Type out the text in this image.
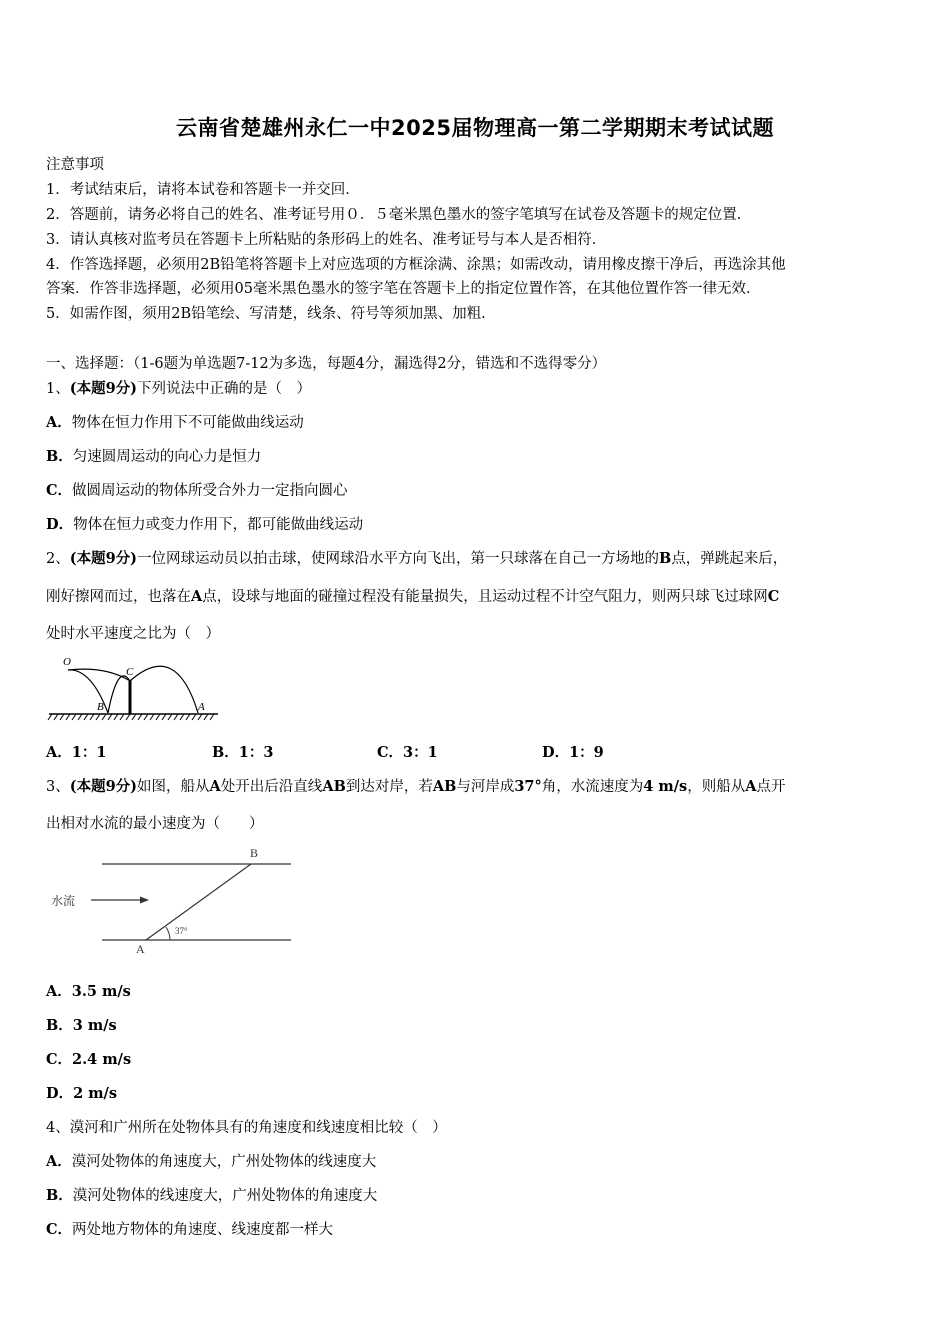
云南省楚雄州永仁一中2025届物理高一第二学期期末考试试题
注意事项
1．考试结束后，请将本试卷和答题卡一并交回．
2．答题前，请务必将自己的姓名、准考证号用０．５毫米黑色墨水的签字笔填写在试卷及答题卡的规定位置．
3．请认真核对监考员在答题卡上所粘贴的条形码上的姓名、准考证号与本人是否相符．
4．作答选择题，必须用2B铅笔将答题卡上对应选项的方框涂满、涂黑；如需改动，请用橡皮擦干净后，再选涂其他
答案．作答非选择题，必须用05毫米黑色墨水的签字笔在答题卡上的指定位置作答，在其他位置作答一律无效．
5．如需作图，须用2B铅笔绘、写清楚，线条、符号等须加黑、加粗．
一、选择题：（1-6题为单选题7-12为多选，每题4分，漏选得2分，错选和不选得零分）
1、(本题9分)下列说法中正确的是（　）
A．物体在恒力作用下不可能做曲线运动
B．匀速圆周运动的向心力是恒力
C．做圆周运动的物体所受合外力一定指向圆心
D．物体在恒力或变力作用下，都可能做曲线运动
2、(本题9分)一位网球运动员以拍击球，使网球沿水平方向飞出，第一只球落在自己一方场地的B点，弹跳起来后，
刚好擦网而过，也落在A点，设球与地面的碰撞过程没有能量损失，且运动过程不计空气阻力，则两只球飞过球网C
处时水平速度之比为（　）
O
C
B	A
A．1：1	B．1：3	C．3：1	D．1：9
3、(本题9分)如图，船从A处开出后沿直线AB到达对岸，若AB与河岸成37°角，水流速度为4 m/s，则船从A点开
出相对水流的最小速度为（　　）
水流
B
A
37°
A．3.5 m/s
B．3 m/s
C．2.4 m/s
D．2 m/s
4、漠河和广州所在处物体具有的角速度和线速度相比较（　）
A．漠河处物体的角速度大，广州处物体的线速度大
B．漠河处物体的线速度大，广州处物体的角速度大
C．两处地方物体的角速度、线速度都一样大
